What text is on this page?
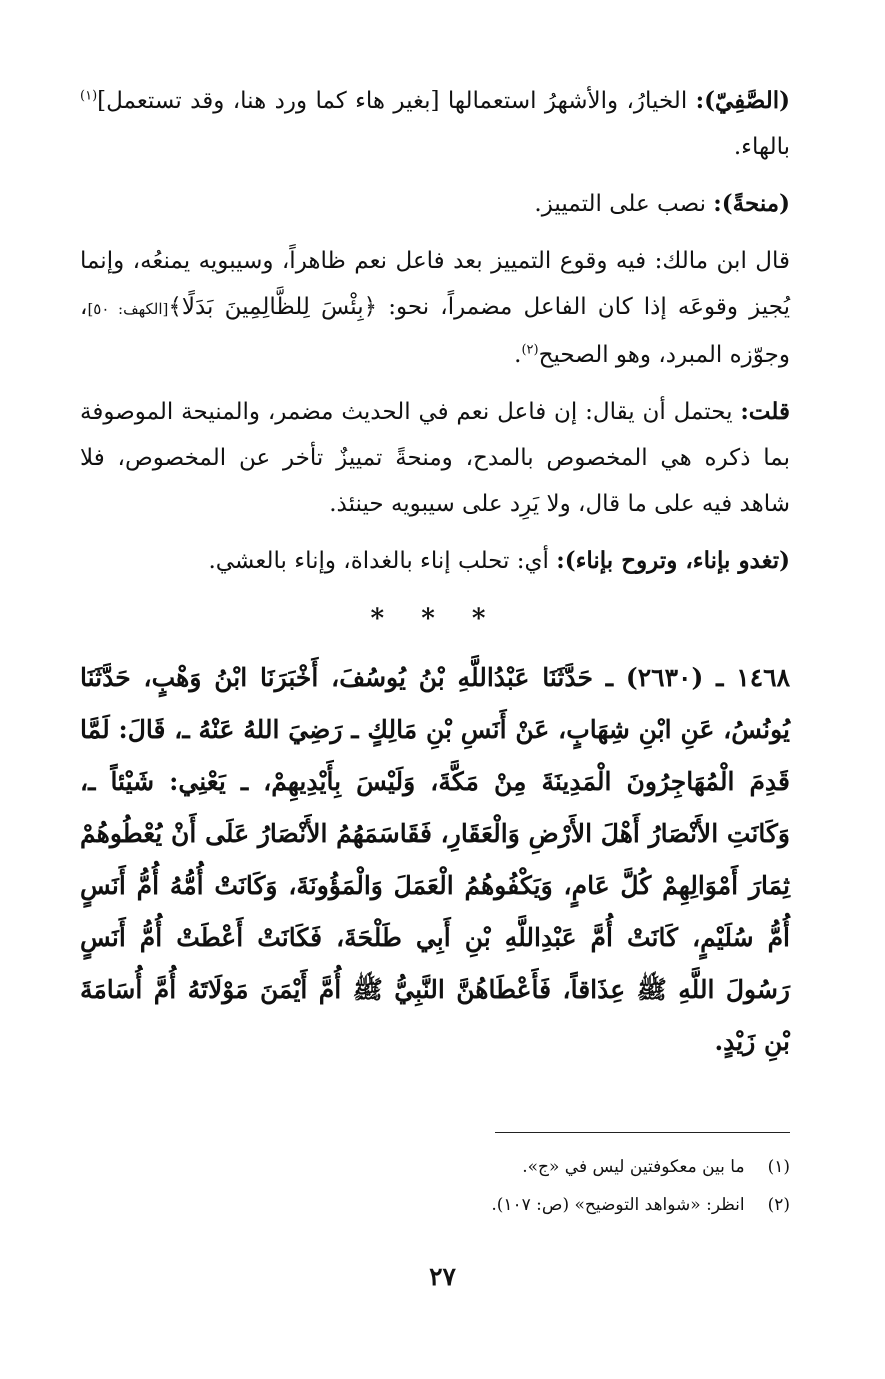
(الصَّفِيّ): الخيارُ، والأشهرُ استعمالها [بغير هاء كما ورد هنا، وقد تستعمل]$^{(١)}$ بالهاء.

(منحةً): نصب على التمييز.

قال ابن مالك: فيه وقوع التمييز بعد فاعل نعم ظاهراً، وسيبويه يمنعُه، وإنما يُجيز وقوعَه إذا كان الفاعل مضمراً، نحو: ﴿بِئْسَ لِلظَّالِمِينَ بَدَلًا﴾[الكهف: ٥٠]، وجوّزه المبرد، وهو الصحيح$^{(٢)}$.

قلت: يحتمل أن يقال: إن فاعل نعم في الحديث مضمر، والمنيحة الموصوفة بما ذكره هي المخصوص بالمدح، ومنحةً تمييزٌ تأخر عن المخصوص، فلا شاهد فيه على ما قال، ولا يَرِد على سيبويه حينئذ.

(تغدو بإناء، وتروح بإناء): أي: تحلب إناء بالغداة، وإناء بالعشي.

* * *

١٤٦٨ ـ (٢٦٣٠) ـ حَدَّثَنَا عَبْدُاللَّهِ بْنُ يُوسُفَ، أَخْبَرَنَا ابْنُ وَهْبٍ، حَدَّثَنَا يُونُسُ، عَنِ ابْنِ شِهَابٍ، عَنْ أَنَسِ بْنِ مَالِكٍ ـ رَضِيَ اللهُ عَنْهُ ـ، قَالَ: لَمَّا قَدِمَ الْمُهَاجِرُونَ الْمَدِينَةَ مِنْ مَكَّةَ، وَلَيْسَ بِأَيْدِيهِمْ، ـ يَعْنِي: شَيْئاً ـ، وَكَانَتِ الأَنْصَارُ أَهْلَ الأَرْضِ وَالْعَقَارِ، فَقَاسَمَهُمُ الأَنْصَارُ عَلَى أَنْ يُعْطُوهُمْ ثِمَارَ أَمْوَالِهِمْ كُلَّ عَامٍ، وَيَكْفُوهُمُ الْعَمَلَ وَالْمَؤُونَةَ، وَكَانَتْ أُمُّهُ أُمُّ أَنَسٍ أُمُّ سُلَيْمٍ، كَانَتْ أُمَّ عَبْدِاللَّهِ بْنِ أَبِي طَلْحَةَ، فَكَانَتْ أَعْطَتْ أُمُّ أَنَسٍ رَسُولَ اللَّهِ ﷺ عِذَاقاً، فَأَعْطَاهُنَّ النَّبِيُّ ﷺ أُمَّ أَيْمَنَ مَوْلَاتَهُ أُمَّ أُسَامَةَ بْنِ زَيْدٍ.

(١) ما بين معكوفتين ليس في «ج».

(٢) انظر: «شواهد التوضيح» (ص: ١٠٧).

٢٧
